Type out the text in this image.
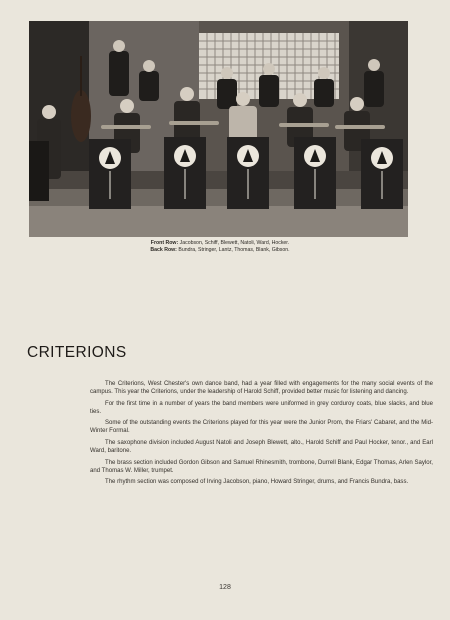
Front Row: Jacobson, Schiff, Blewett, Natoli, Ward, Hocker.
Back Row: Bundra, Stringer, Lantz, Thomas, Blank, Gibson.
CRITERIONS

The Criterions, West Chester's own dance band, had a year filled with engagements for the many social events of the campus. This year the Criterions, under the leadership of Harold Schiff, provided better music for listening and dancing.

For the first time in a number of years the band members were uniformed in grey corduroy coats, blue slacks, and blue ties.

Some of the outstanding events the Criterions played for this year were the Junior Prom, the Friars' Cabaret, and the Mid-Winter Formal.

The saxophone division included August Natoli and Joseph Blewett, alto., Harold Schiff and Paul Hocker, tenor., and Earl Ward, baritone.

The brass section included Gordon Gibson and Samuel Rhinesmith, trombone, Durrell Blank, Edgar Thomas, Arlen Saylor, and Thomas W. Miller, trumpet.

The rhythm section was composed of Irving Jacobson, piano, Howard Stringer, drums, and Francis Bundra, bass.

128
